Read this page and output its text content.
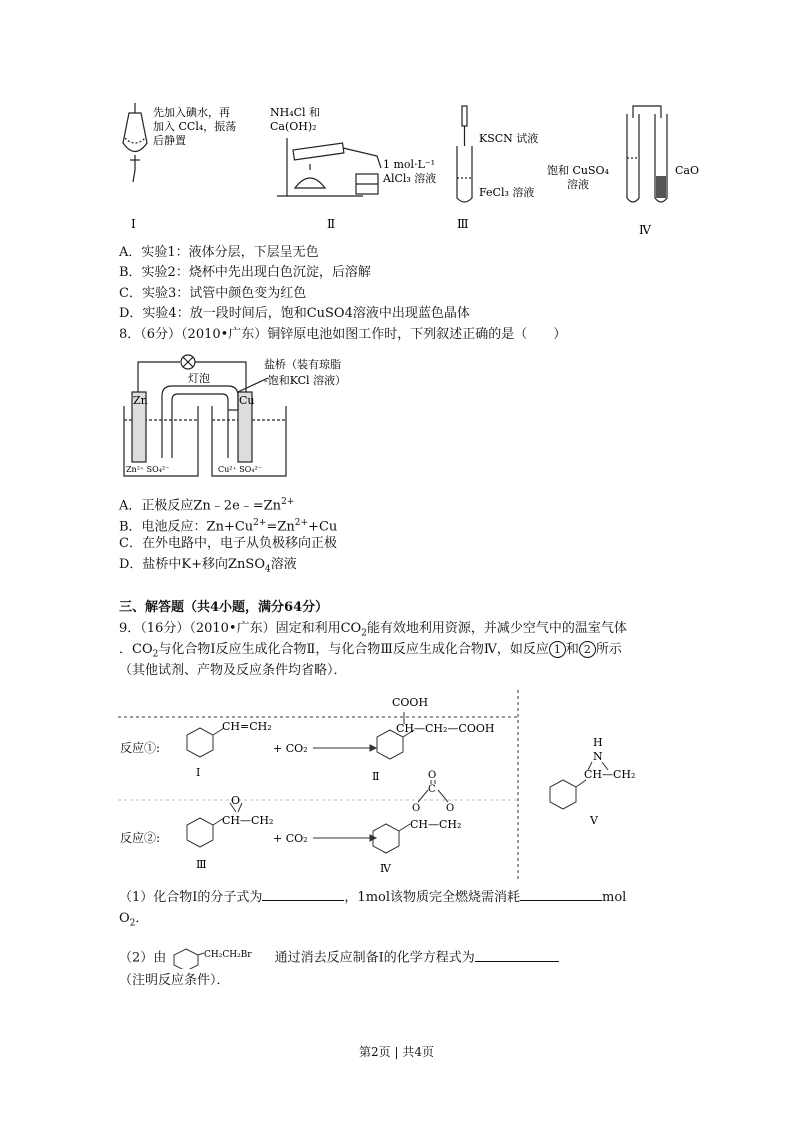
先加入碘水，再
加入 CCl₄，振荡
后静置
NH₄Cl 和
Ca(OH)₂
1 mol·L⁻¹
AlCl₃ 溶液
KSCN 试液
FeCl₃ 溶液
饱和 CuSO₄
溶液
CaO
Ⅰ	Ⅱ	Ⅲ	Ⅳ
A．实验1：液体分层，下层呈无色
B．实验2：烧杯中先出现白色沉淀，后溶解
C．实验3：试管中颜色变为红色
D．实验4：放一段时间后，饱和CuSO4溶液中出现蓝色晶体
8．（6分）（2010•广东）铜锌原电池如图工作时，下列叙述正确的是（　　）
Zn	Cu
灯泡
盐桥（装有琼脂
-饱和KCl 溶液）
Zn²⁺ SO₄²⁻	Cu²⁺ SO₄²⁻
A．正极反应$Zn﹣2e﹣=Zn^{2+}$
B．电池反应：$Zn+Cu^{2+}=Zn^{2+}+Cu$
C．在外电路中，电子从负极移向正极
D．盐桥中K+移向ZnSO$_4$溶液
三、解答题（共4小题，满分64分）
9．（16分）（2010•广东）固定和利用$CO_2$能有效地利用资源，并减少空气中的温室气体
．$CO_2$与化合物Ⅰ反应生成化合物Ⅱ，与化合物Ⅲ反应生成化合物Ⅳ，如反应 1 和 2 所示
（其他试剂、产物及反应条件均省略）．
反应①:
CH=CH₂
Ⅰ
+ CO₂
COOH
CH—CH₂—COOH
Ⅱ
反应②:
O
CH—CH₂
Ⅲ
+ CO₂
C
O
O	O
CH—CH₂
Ⅳ
H
N
CH—CH₂
V
（1）化合物Ⅰ的分子式为	，1mol该物质完全燃烧需消耗	mol
$O_2$．
（2）由	CH₂CH₂Br 通过消去反应制备Ⅰ的化学方程式为
（注明反应条件）．
第2页 | 共4页
